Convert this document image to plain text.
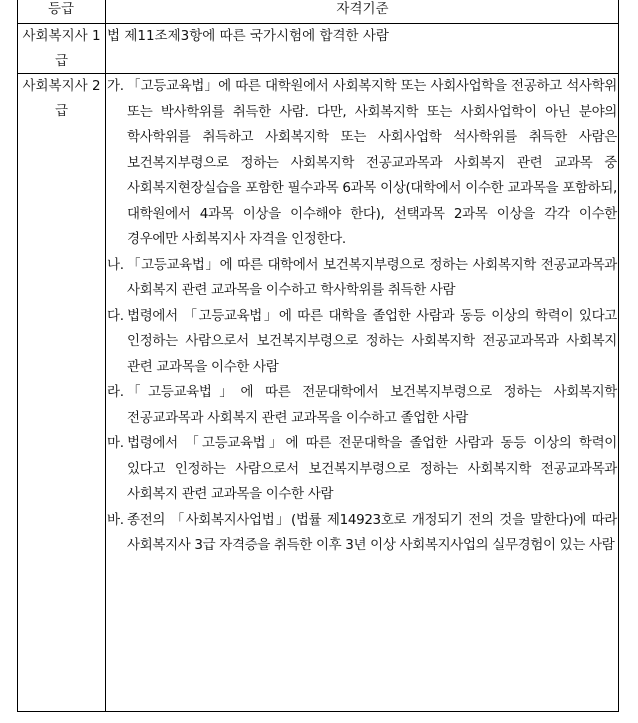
등급	자격기준
사회복지사 1급
법 제11조제3항에 따른 국가시험에 합격한 사람
사회복지사 2급
가. 「고등교육법」에 따른 대학원에서 사회복지학 또는 사회사업학을 전공하고 석사학위 또는 박사학위를 취득한 사람. 다만, 사회복지학 또는 사회사업학이 아닌 분야의 학사학위를 취득하고 사회복지학 또는 사회사업학 석사학위를 취득한 사람은 보건복지부령으로 정하는 사회복지학 전공교과목과 사회복지 관련 교과목 중 사회복지현장실습을 포함한 필수과목 6과목 이상(대학에서 이수한 교과목을 포함하되, 대학원에서 4과목 이상을 이수해야 한다), 선택과목 2과목 이상을 각각 이수한 경우에만 사회복지사 자격을 인정한다.
나. 「고등교육법」에 따른 대학에서 보건복지부령으로 정하는 사회복지학 전공교과목과 사회복지 관련 교과목을 이수하고 학사학위를 취득한 사람
다. 법령에서 「고등교육법」에 따른 대학을 졸업한 사람과 동등 이상의 학력이 있다고 인정하는 사람으로서 보건복지부령으로 정하는 사회복지학 전공교과목과 사회복지 관련 교과목을 이수한 사람
라. 「고등교육법」에 따른 전문대학에서 보건복지부령으로 정하는 사회복지학 전공교과목과 사회복지 관련 교과목을 이수하고 졸업한 사람
마. 법령에서 「고등교육법」에 따른 전문대학을 졸업한 사람과 동등 이상의 학력이 있다고 인정하는 사람으로서 보건복지부령으로 정하는 사회복지학 전공교과목과 사회복지 관련 교과목을 이수한 사람
바. 종전의 「사회복지사업법」(법률 제14923호로 개정되기 전의 것을 말한다)에 따라 사회복지사 3급 자격증을 취득한 이후 3년 이상 사회복지사업의 실무경험이 있는 사람
